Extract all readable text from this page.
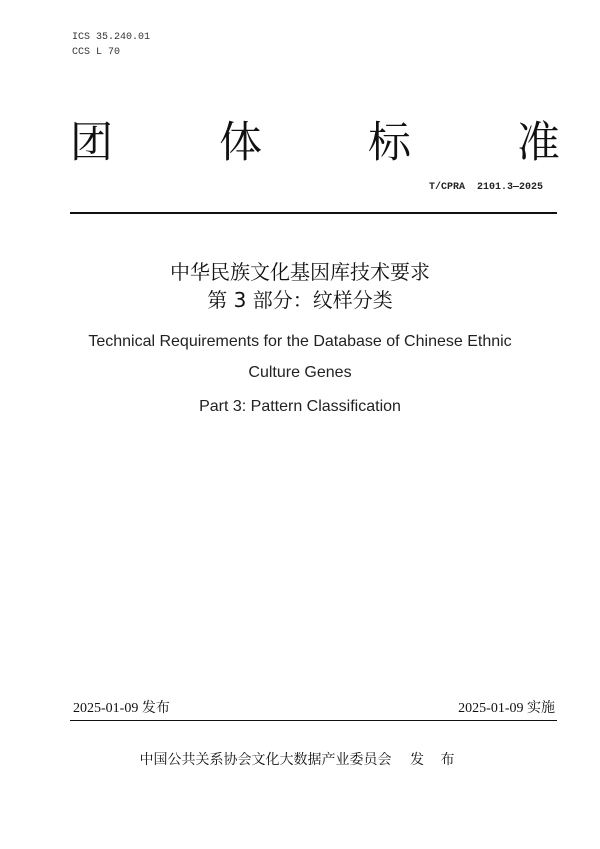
ICS 35.240.01
CCS L 70
团 体 标 准
T/CPRA  2101.3—2025
中华民族文化基因库技术要求
第 3 部分：纹样分类
Technical Requirements for the Database of Chinese Ethnic
Culture Genes
Part 3: Pattern Classification
2025-01-09 发布	2025-01-09 实施
中国公共关系协会文化大数据产业委员会 发 布
